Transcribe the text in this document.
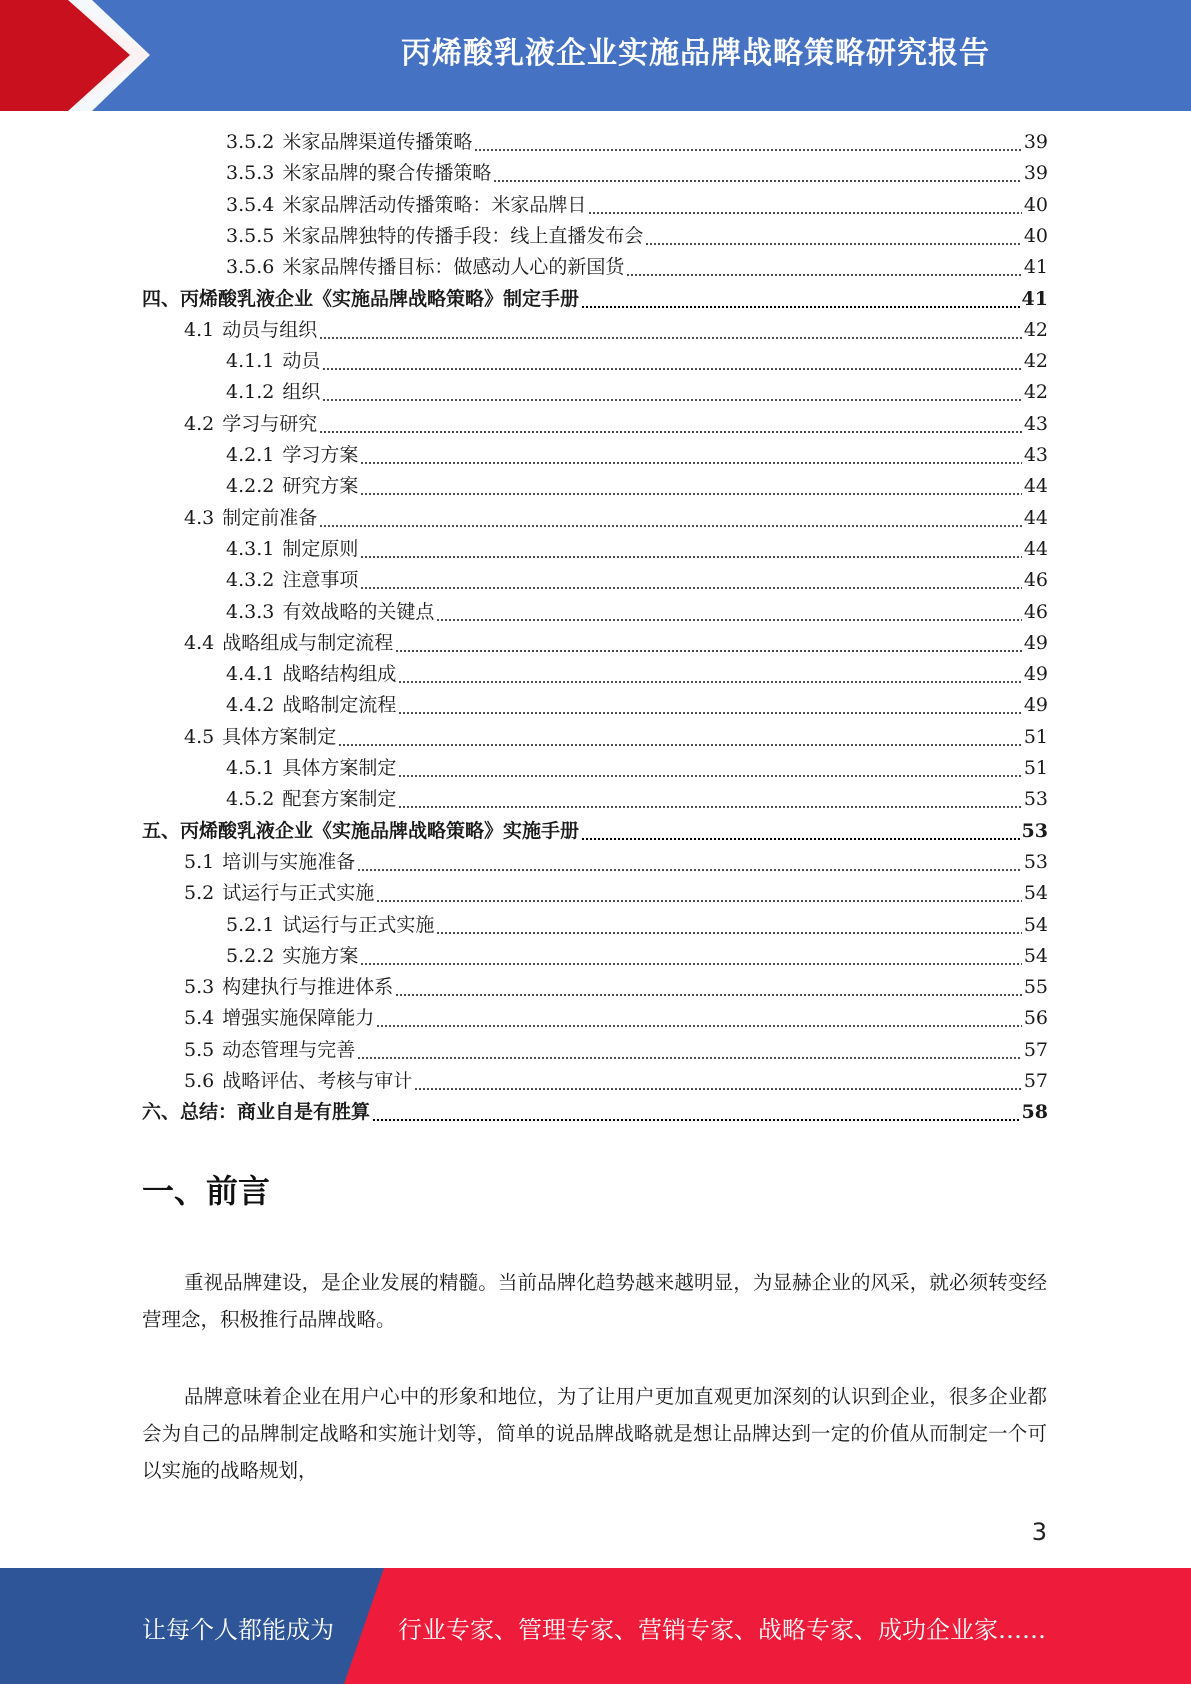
丙烯酸乳液企业实施品牌战略策略研究报告
3.5.2 米家品牌渠道传播策略	39
3.5.3 米家品牌的聚合传播策略	39
3.5.4 米家品牌活动传播策略：米家品牌日	40
3.5.5 米家品牌独特的传播手段：线上直播发布会	40
3.5.6 米家品牌传播目标：做感动人心的新国货	41
四、丙烯酸乳液企业《实施品牌战略策略》制定手册	41
4.1 动员与组织	42
4.1.1 动员	42
4.1.2 组织	42
4.2 学习与研究	43
4.2.1 学习方案	43
4.2.2 研究方案	44
4.3 制定前准备	44
4.3.1 制定原则	44
4.3.2 注意事项	46
4.3.3 有效战略的关键点	46
4.4 战略组成与制定流程	49
4.4.1 战略结构组成	49
4.4.2 战略制定流程	49
4.5 具体方案制定	51
4.5.1 具体方案制定	51
4.5.2 配套方案制定	53
五、丙烯酸乳液企业《实施品牌战略策略》实施手册	53
5.1 培训与实施准备	53
5.2 试运行与正式实施	54
5.2.1 试运行与正式实施	54
5.2.2 实施方案	54
5.3 构建执行与推进体系	55
5.4 增强实施保障能力	56
5.5 动态管理与完善	57
5.6 战略评估、考核与审计	57
六、总结：商业自是有胜算	58
一、前言
重视品牌建设，是企业发展的精髓。当前品牌化趋势越来越明显，为显赫企业的风采，就必须转变经营理念，积极推行品牌战略。
品牌意味着企业在用户心中的形象和地位，为了让用户更加直观更加深刻的认识到企业，很多企业都会为自己的品牌制定战略和实施计划等，简单的说品牌战略就是想让品牌达到一定的价值从而制定一个可以实施的战略规划，
3
让每个人都能成为	行业专家、管理专家、营销专家、战略专家、成功企业家……
